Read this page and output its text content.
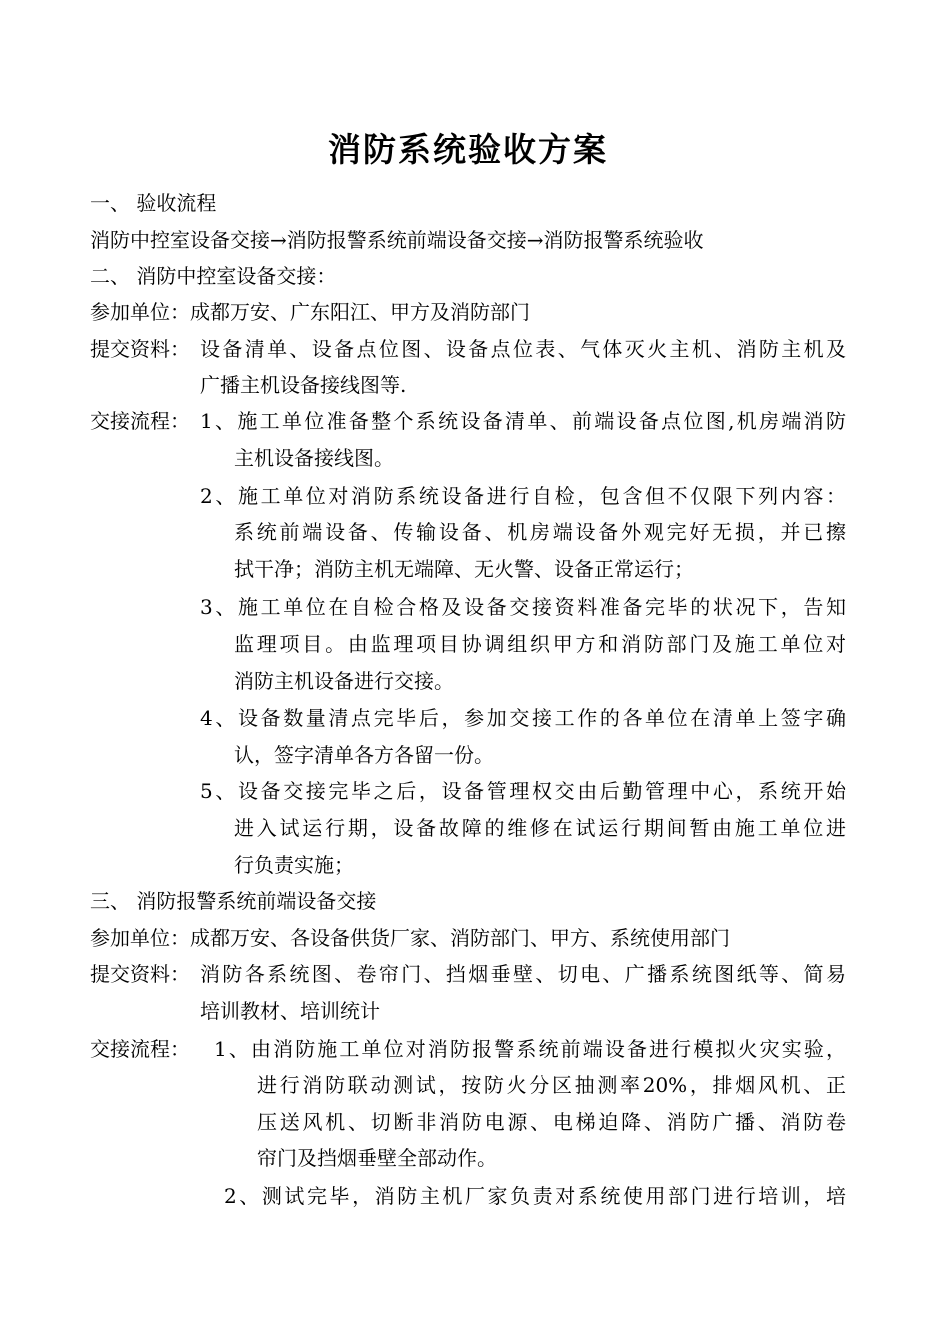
消防系统验收方案
一、 验收流程
消防中控室设备交接→消防报警系统前端设备交接→消防报警系统验收
二、 消防中控室设备交接：
参加单位：成都万安、广东阳江、甲方及消防部门
提交资料： 设备清单、设备点位图、设备点位表、气体灭火主机、消防主机及
广播主机设备接线图等.
交接流程： 1、施工单位准备整个系统设备清单、前端设备点位图,机房端消防
主机设备接线图。
2、施工单位对消防系统设备进行自检，包含但不仅限下列内容：
系统前端设备、传输设备、机房端设备外观完好无损，并已擦
拭干净；消防主机无端障、无火警、设备正常运行；
3、施工单位在自检合格及设备交接资料准备完毕的状况下，告知
监理项目。由监理项目协调组织甲方和消防部门及施工单位对
消防主机设备进行交接。
4、设备数量清点完毕后，参加交接工作的各单位在清单上签字确
认，签字清单各方各留一份。
5、设备交接完毕之后，设备管理权交由后勤管理中心，系统开始
进入试运行期，设备故障的维修在试运行期间暂由施工单位进
行负责实施；
三、 消防报警系统前端设备交接
参加单位：成都万安、各设备供货厂家、消防部门、甲方、系统使用部门
提交资料： 消防各系统图、卷帘门、挡烟垂壁、切电、广播系统图纸等、简易
培训教材、培训统计
交接流程： 1、由消防施工单位对消防报警系统前端设备进行模拟火灾实验，
进行消防联动测试，按防火分区抽测率20%，排烟风机、正
压送风机、切断非消防电源、电梯迫降、消防广播、消防卷
帘门及挡烟垂壁全部动作。
2、测试完毕，消防主机厂家负责对系统使用部门进行培训，培
